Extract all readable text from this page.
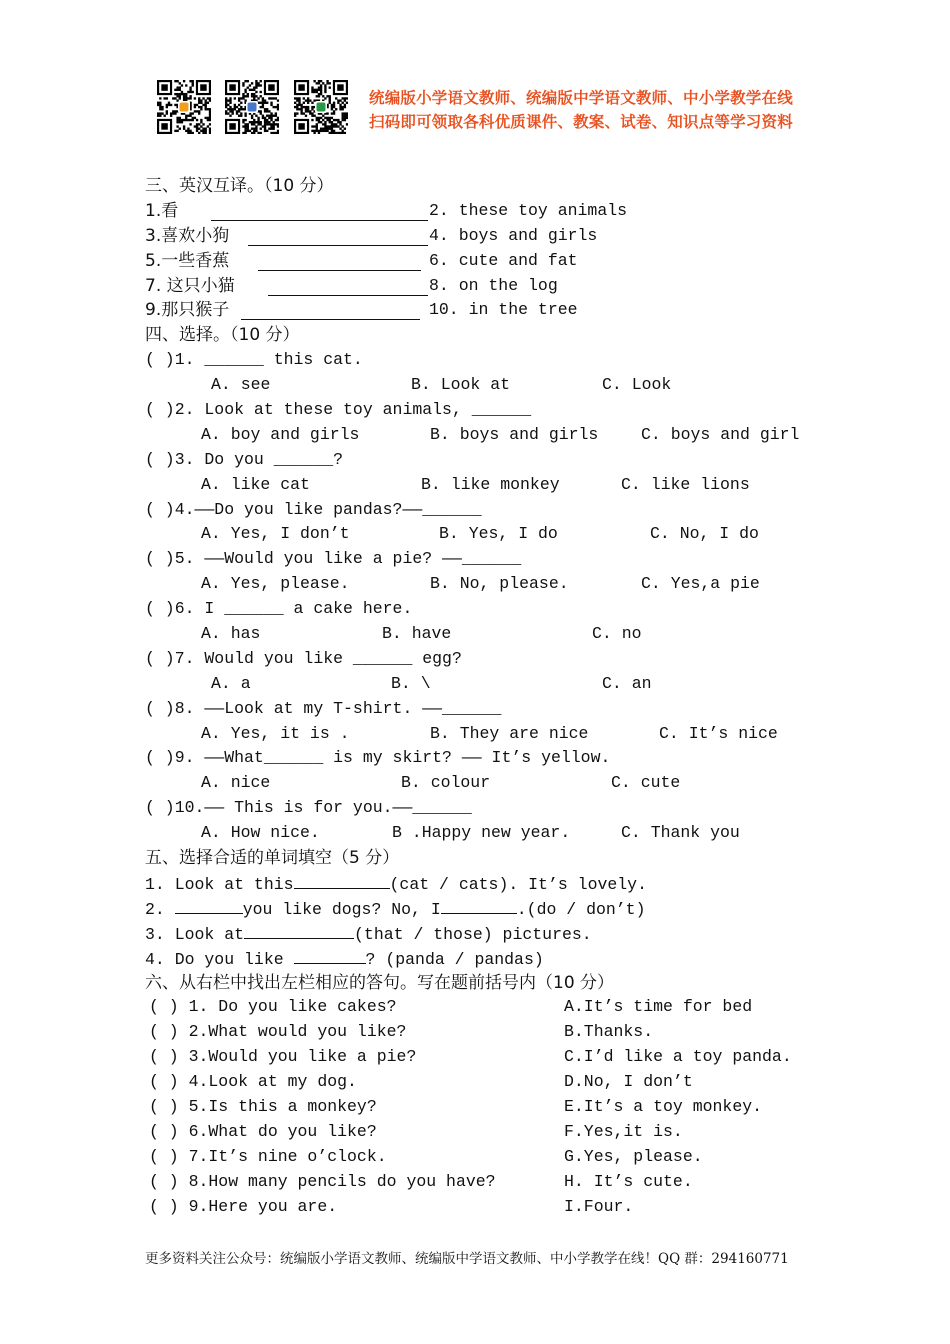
统编版小学语文教师、统编版中学语文教师、中小学教学在线
扫码即可领取各科优质课件、教案、试卷、知识点等学习资料
三、英汉互译。（10 分）
1.看	2. these toy animals
3.喜欢小狗	4. boys and girls
5.一些香蕉	6. cute and fat
7. 这只小猫	8. on the log
9.那只猴子	10. in the tree
四、选择。（10 分）
( )1. ______ this cat.
A. see	B. Look at	C. Look
( )2. Look at these toy animals, ______
A. boy and girls	B. boys and girls	C. boys and girl
( )3. Do you ______?
A. like cat	B. like monkey	C. like lions
( )4.——Do you like pandas?——______
A. Yes, I don’t	B. Yes, I do	C. No, I do
( )5. ——Would you like a pie? ——______
A. Yes, please.	B. No, please.	C. Yes,a pie
( )6. I ______ a cake here.
A. has	B. have	C. no
( )7. Would you like ______ egg?
A. a	B. \	C. an
( )8. ——Look at my T-shirt. ——______
A. Yes, it is .	B. They are nice	C. It’s nice
( )9. ——What______ is my skirt? —— It’s yellow.
A. nice	B. colour	C. cute
( )10.—— This is for you.——______
A. How nice.	B .Happy new year.	C. Thank you
五、选择合适的单词填空（5 分）
1. Look at this	(cat / cats). It’s lovely.
2.	you like dogs? No, I	.(do / don’t)
3. Look at	(that / those) pictures.
4. Do you like	? (panda / pandas)
六、从右栏中找出左栏相应的答句。写在题前括号内（10 分）
( ) 1. Do you like cakes?	A.It’s time for bed
( ) 2.What would you like?	B.Thanks.
( ) 3.Would you like a pie?	C.I’d like a toy panda.
( ) 4.Look at my dog.	D.No, I don’t
( ) 5.Is this a monkey?	E.It’s a toy monkey.
( ) 6.What do you like?	F.Yes,it is.
( ) 7.It’s nine o’clock.	G.Yes, please.
( ) 8.How many pencils do you have?	H. It’s cute.
( ) 9.Here you are.	I.Four.
更多资料关注公众号：统编版小学语文教师、统编版中学语文教师、中小学教学在线！QQ 群：294160771
